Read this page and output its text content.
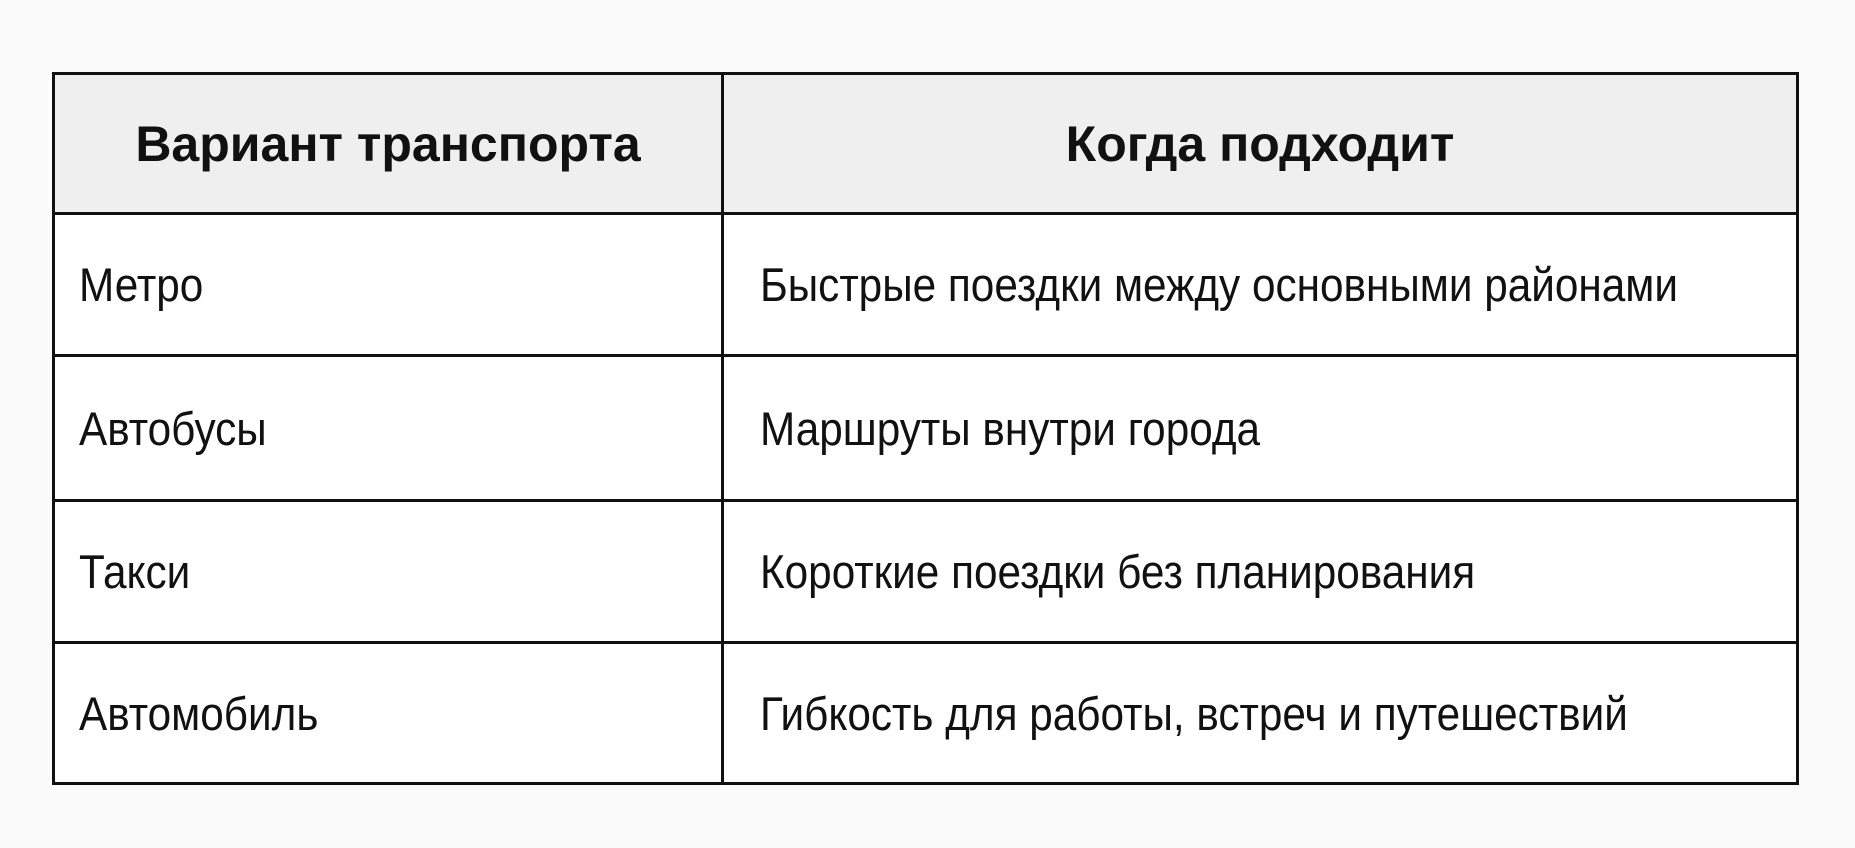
Вариант транспорта	Когда подходит
Метро	Быстрые поездки между основными районами
Автобусы	Маршруты внутри города
Такси	Короткие поездки без планирования
Автомобиль	Гибкость для работы, встреч и путешествий
